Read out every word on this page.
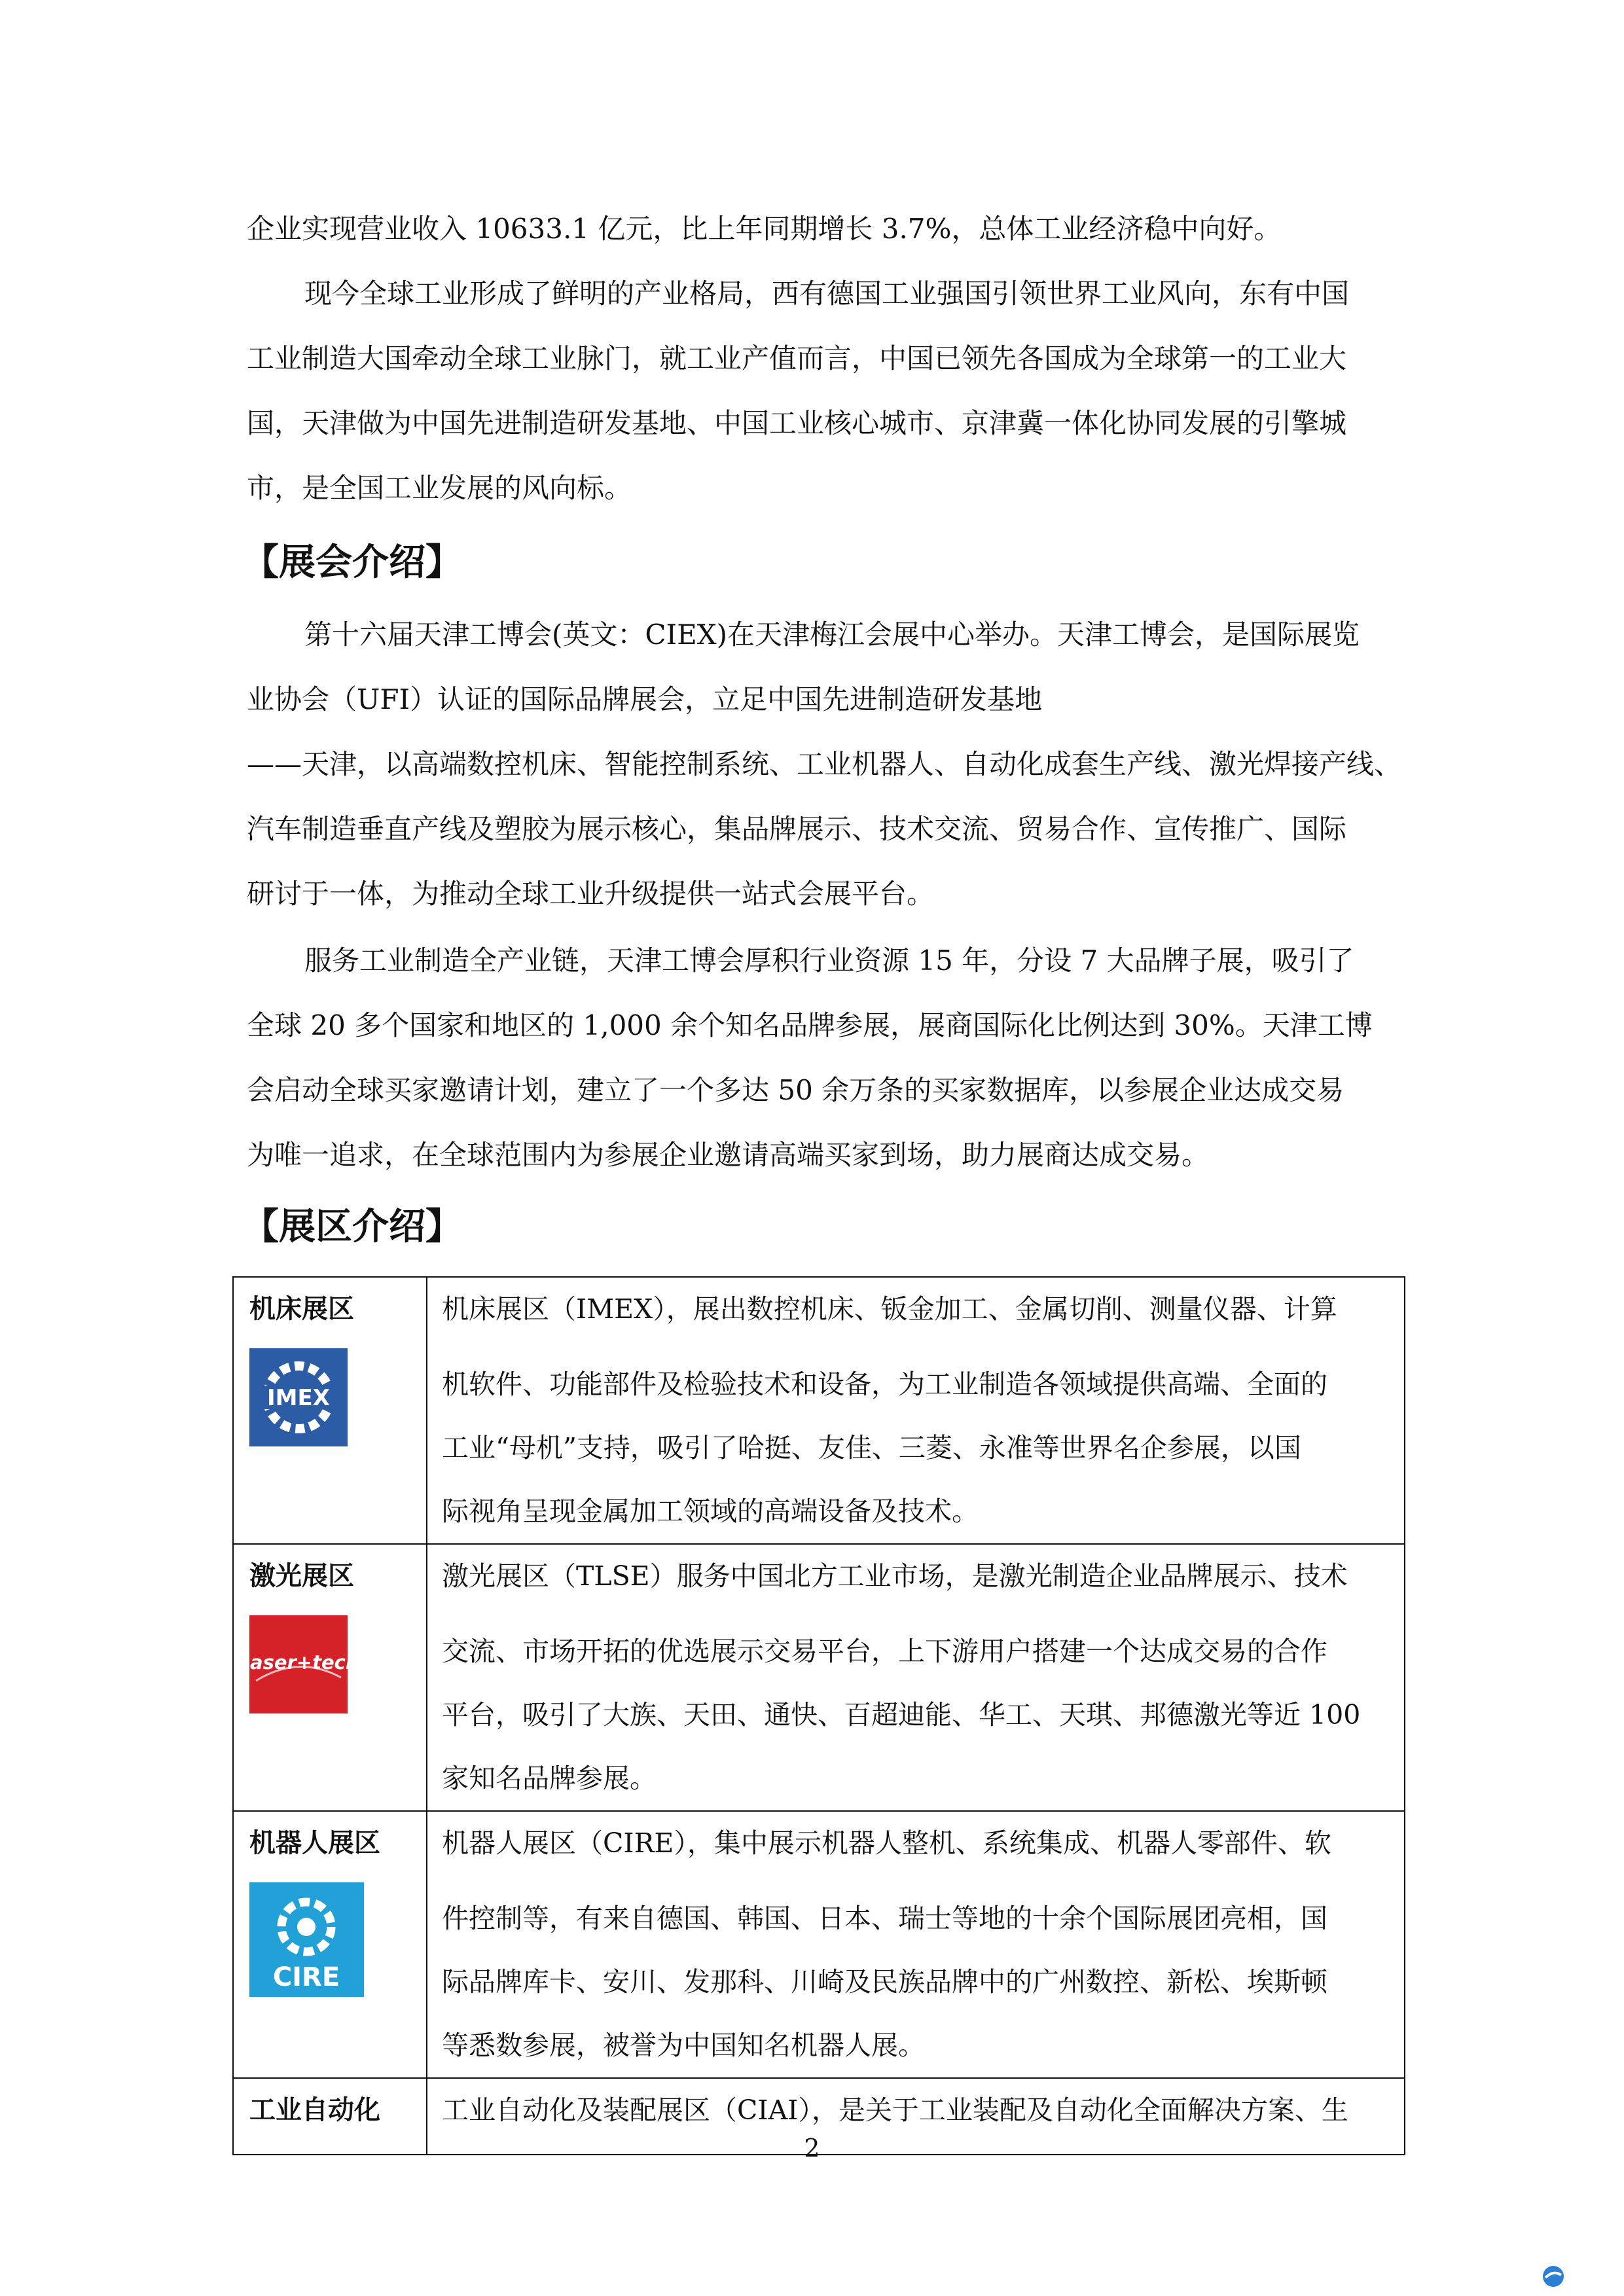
企业实现营业收入 10633.1 亿元，比上年同期增长 3.7%，总体工业经济稳中向好。
现今全球工业形成了鲜明的产业格局，西有德国工业强国引领世界工业风向，东有中国
工业制造大国牵动全球工业脉门，就工业产值而言，中国已领先各国成为全球第一的工业大
国，天津做为中国先进制造研发基地、中国工业核心城市、京津冀一体化协同发展的引擎城
市，是全国工业发展的风向标。
【展会介绍】
第十六届天津工博会(英文：CIEX)在天津梅江会展中心举办。天津工博会，是国际展览
业协会（UFI）认证的国际品牌展会，立足中国先进制造研发基地
——天津，以高端数控机床、智能控制系统、工业机器人、自动化成套生产线、激光焊接产线、
汽车制造垂直产线及塑胶为展示核心，集品牌展示、技术交流、贸易合作、宣传推广、国际
研讨于一体，为推动全球工业升级提供一站式会展平台。
服务工业制造全产业链，天津工博会厚积行业资源 15 年，分设 7 大品牌子展，吸引了
全球 20 多个国家和地区的 1,000 余个知名品牌参展，展商国际化比例达到 30%。天津工博
会启动全球买家邀请计划，建立了一个多达 50 余万条的买家数据库，以参展企业达成交易
为唯一追求，在全球范围内为参展企业邀请高端买家到场，助力展商达成交易。
【展区介绍】
机床展区
IMEX	机床展区（IMEX），展出数控机床、钣金加工、金属切削、测量仪器、计算
机软件、功能部件及检验技术和设备，为工业制造各领域提供高端、全面的
工业“母机”支持，吸引了哈挺、友佳、三菱、永准等世界名企参展，以国
际视角呈现金属加工领域的高端设备及技术。

激光展区
Laser+tech	激光展区（TLSE）服务中国北方工业市场，是激光制造企业品牌展示、技术
交流、市场开拓的优选展示交易平台，上下游用户搭建一个达成交易的合作
平台，吸引了大族、天田、通快、百超迪能、华工、天琪、邦德激光等近 100
家知名品牌参展。

机器人展区
CIRE	机器人展区（CIRE），集中展示机器人整机、系统集成、机器人零部件、软
件控制等，有来自德国、韩国、日本、瑞士等地的十余个国际展团亮相，国
际品牌库卡、安川、发那科、川崎及民族品牌中的广州数控、新松、埃斯顿
等悉数参展，被誉为中国知名机器人展。

工业自动化	工业自动化及装配展区（CIAI），是关于工业装配及自动化全面解决方案、生
2
